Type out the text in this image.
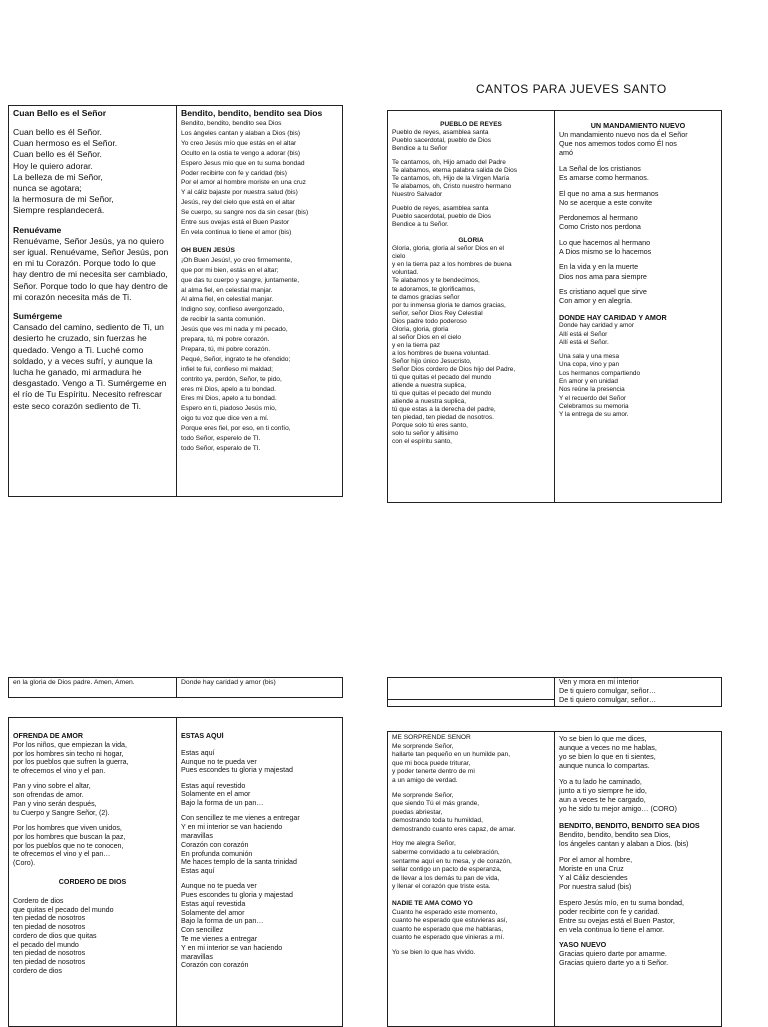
CANTOS PARA JUEVES SANTO
Cuan Bello es el Señor
Cuan bello es él Señor.
Cuan hermoso es el Señor.
Cuan bello es él Señor.
Hoy le quiero adorar.
La belleza de mi Señor,
nunca se agotara;
la hermosura de mi Señor,
Siempre resplandecerá.
Renuévame
Renuévame, Señor Jesús, ya no quiero ser igual. Renuévame, Señor Jesús, pon en mi tu Corazón. Porque todo lo que hay dentro de mi necesita ser cambiado, Señor. Porque todo lo que hay dentro de mi corazón necesita más de Ti.
Sumérgeme
Cansado del camino, sediento de Ti, un desierto he cruzado, sin fuerzas he quedado. Vengo a Ti. Luché como soldado, y a veces sufrí, y aunque la lucha he ganado, mi armadura he desgastado. Vengo a Ti. Sumérgeme en el río de Tu Espíritu. Necesito refrescar este seco corazón sediento de Ti.
Bendito, bendito, bendito sea Dios
Bendito, bendito, bendito sea Dios
Los ángeles cantan y alaban a Dios (bis)
Yo creo Jesús mío que estás en el altar
Oculto en la ostia te vengo a adorar (bis)
Espero Jesus mio que en tu suma bondad
Poder recibirte con fe y caridad (bis)
Por el amor al hombre moriste en una cruz
Y al cáliz bajaste por nuestra salud (bis)
Jesús, rey del cielo que está en el altar
Se cuerpo, su sangre nos da sin cesar (bis)
Entre sus ovejas está el Buen Pastor
En vela continua lo tiene el amor (bis)
OH BUEN JESÚS
¡Oh Buen Jesús!, yo creo firmemente,
que por mi bien, estás en el altar;
que das tu cuerpo y sangre, juntamente,
al alma fiel, en celestial manjar.
Al alma fiel, en celestial manjar.
Indigno soy, confieso avergonzado,
de recibir la santa comunión.
Jesús que ves mi nada y mi pecado,
prepara, tú, mi pobre corazón.
Prepara, tú, mi pobre corazón.
Pequé, Señor, ingrato te he ofendido;
infiel te fui, confieso mi maldad;
contrito ya, perdón, Señor, te pido,
eres mi Dios, apelo a tu bondad.
Eres mi Dios, apelo a tu bondad.
Espero en ti, piadoso Jesús mío,
oigo tu voz que dice ven a mí.
Porque eres fiel, por eso, en ti confío,
todo Señor, esperelo de TI.
todo Señor, esperalo de TI.
PUEBLO DE REYES
Pueblo de reyes, asamblea santa
Pueblo sacerdotal, pueblo de Dios
Bendice a tu Señor
Te cantamos, oh, Hijo amado del Padre
Te alabamos, eterna palabra salida de Dios
Te cantamos, oh, Hijo de la Virgen María
Te alabamos, oh, Cristo nuestro hermano
Nuestro Salvador
Pueblo de reyes, asamblea santa
Pueblo sacerdotal, pueblo de Dios
Bendice a tu Señor.
GLORIA
Gloria, gloria, gloria al señor Dios en el
cielo
y en la tierra paz a los hombres de buena
voluntad.
Te alabamos y te bendecimos,
te adoramos, te glorificamos,
te damos gracias señor
por tu inmensa gloria te damos gracias,
señor, señor Dios Rey Celestial
Dios padre todo poderoso
Gloria, gloria, gloria
al señor Dios en el cielo
y en la tierra paz
a los hombres de buena voluntad.
Señor hijo único Jesucristo,
Señor Dios cordero de Dios hijo del Padre,
tú que quitas el pecado del mundo
atiende a nuestra suplica,
tú que quitas el pecado del mundo
atiende a nuestra suplica,
tú que estas a la derecha del padre,
ten piedad, ten piedad de nosotros.
Porque solo tú eres santo,
solo tu señor y altisimo
con el espíritu santo,
UN MANDAMIENTO NUEVO
Un mandamiento nuevo nos da el Señor
Que nos amemos todos como Él nos
amó
La Señal de los cristianos
Es amarse como hermanos.
El que no ama a sus hermanos
No se acerque a este convite
Perdonemos al hermano
Como Cristo nos perdona
Lo que hacemos al hermano
A Dios mismo se lo hacemos
En la vida y en la muerte
Dios nos ama para siempre
Es cristiano aquel que sirve
Con amor y en alegría.
DONDE HAY CARIDAD Y AMOR
Donde hay caridad y amor
Allí está el Señor
Allí está el Señor.
Una sala y una mesa
Una copa, vino y pan
Los hermanos compartiendo
En amor y en unidad
Nos reúne la presencia
Y el recuerdo del Señor
Celebramos su memoria
Y la entrega de su amor.
en la gloria de Dios padre. Amen, Amen.	Donde hay caridad y amor (bis)	Ven y mora en mi interior
De ti quiero comulgar, señor…
De ti quiero comulgar, señor…
OFRENDA DE AMOR
Por los niños, que empiezan la vida,
por los hombres sin techo ni hogar,
por los pueblos que sufren la guerra,
te ofrecemos el vino y el pan.
Pan y vino sobre el altar,
son ofrendas de amor.
Pan y vino serán después,
tu Cuerpo y Sangre Señor, (2).
Por los hombres que viven unidos,
por los hombres que buscan la paz,
por los pueblos que no te conocen,
te ofrecemos el vino y el pan…
(Coro).
CORDERO DE DIOS
Cordero de dios
que quitas el pecado del mundo
ten piedad de nosotros
ten piedad de nosotros
cordero de dios que quitas
el pecado del mundo
ten piedad de nosotros
ten piedad de nosotros
cordero de dios
ESTAS AQUÍ
Estas aquí
Aunque no te pueda ver
Pues escondes tu gloria y majestad
Estas aquí revestido
Solamente en el amor
Bajo la forma de un pan…
Con sencillez te me vienes a entregar
Y en mi interior se van haciendo
maravillas
Corazón con corazón
En profunda comunión
Me haces templo de la santa trinidad
Estas aquí
Aunque no te pueda ver
Pues escondes tu gloria y majestad
Estas aquí revestida
Solamente del amor
Bajo la forma de un pan…
Con sencillez
Te me vienes a entregar
Y en mi interior se van haciendo
maravillas
Corazón con corazón
ME SORPRENDE SEÑOR
Me sorprende Señor,
hallarte tan pequeño en un humilde pan,
que mi boca puede triturar,
y poder tenerte dentro de mi
a un amigo de verdad.
Me sorprende Señor,
que siendo Tú el más grande,
puedas abriestar,
demostrando toda tu humildad,
demostrando cuanto eres capaz, de amar.
Hoy me alegra Señor,
saberme convidado a tu celebración,
sentarme aquí en tu mesa, y de corazón,
sellar contigo un pacto de esperanza,
de llevar a los demás tu pan de vida,
y llenar el corazón que triste esta.
NADIE TE AMA COMO YO
Cuanto he esperado este momento,
cuanto he esperado que estuvieras así,
cuanto he esperado que me hablaras,
cuanto he esperado que vinieras a mí.
Yo se bien lo que has vivido.
Yo se bien lo que me dices,
aunque a veces no me hablas,
yo se bien lo que en ti sientes,
aunque nunca lo compartas.
Yo a tu lado he caminado,
junto a ti yo siempre he ido,
aun a veces te he cargado,
yo he sido tu mejor amigo… (CORO)
BENDITO, BENDITO, BENDITO SEA DIOS
Bendito, bendito, bendito sea Dios,
los ángeles cantan y alaban a Dios. (bis)
Por el amor al hombre,
Moriste en una Cruz
Y al Cáliz desciendes
Por nuestra salud (bis)
Espero Jesús mío, en tu suma bondad,
poder recibirte con fe y caridad.
Entre su ovejas está el Buen Pastor,
en vela continua lo tiene el amor.
YASO NUEVO
Gracias quiero darte por amarme.
Gracias quiero darte yo a ti Señor.
